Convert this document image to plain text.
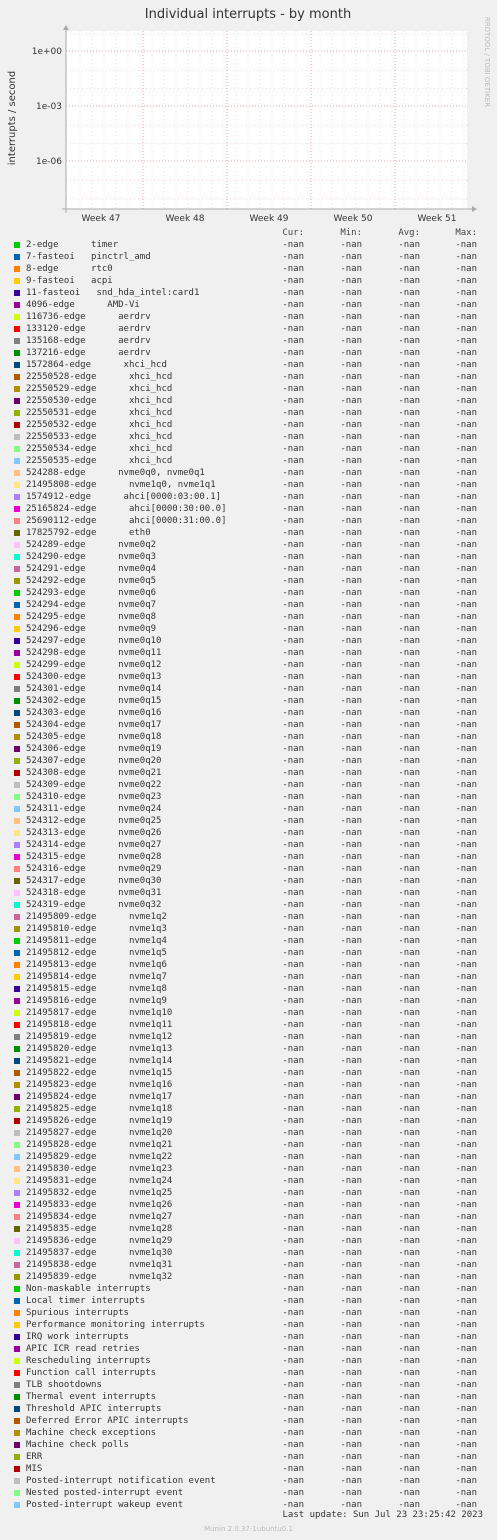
Individual interrupts - by month
interrupts / second
RRDTOOL / TOBI OETIKER
1e+00
1e-03
1e-06
Week 47	Week 48	Week 49	Week 50	Week 51
Cur:	Min:	Avg:	Max:
2-edge      timer	-nan	-nan	-nan	-nan
7-fasteoi   pinctrl_amd	-nan	-nan	-nan	-nan
8-edge      rtc0	-nan	-nan	-nan	-nan
9-fasteoi   acpi	-nan	-nan	-nan	-nan
11-fasteoi   snd_hda_intel:card1	-nan	-nan	-nan	-nan
4096-edge      AMD-Vi	-nan	-nan	-nan	-nan
116736-edge      aerdrv	-nan	-nan	-nan	-nan
133120-edge      aerdrv	-nan	-nan	-nan	-nan
135168-edge      aerdrv	-nan	-nan	-nan	-nan
137216-edge      aerdrv	-nan	-nan	-nan	-nan
1572864-edge      xhci_hcd	-nan	-nan	-nan	-nan
22550528-edge      xhci_hcd	-nan	-nan	-nan	-nan
22550529-edge      xhci_hcd	-nan	-nan	-nan	-nan
22550530-edge      xhci_hcd	-nan	-nan	-nan	-nan
22550531-edge      xhci_hcd	-nan	-nan	-nan	-nan
22550532-edge      xhci_hcd	-nan	-nan	-nan	-nan
22550533-edge      xhci_hcd	-nan	-nan	-nan	-nan
22550534-edge      xhci_hcd	-nan	-nan	-nan	-nan
22550535-edge      xhci_hcd	-nan	-nan	-nan	-nan
524288-edge      nvme0q0, nvme0q1	-nan	-nan	-nan	-nan
21495808-edge      nvme1q0, nvme1q1	-nan	-nan	-nan	-nan
1574912-edge      ahci[0000:03:00.1]	-nan	-nan	-nan	-nan
25165824-edge      ahci[0000:30:00.0]	-nan	-nan	-nan	-nan
25690112-edge      ahci[0000:31:00.0]	-nan	-nan	-nan	-nan
17825792-edge      eth0	-nan	-nan	-nan	-nan
524289-edge      nvme0q2	-nan	-nan	-nan	-nan
524290-edge      nvme0q3	-nan	-nan	-nan	-nan
524291-edge      nvme0q4	-nan	-nan	-nan	-nan
524292-edge      nvme0q5	-nan	-nan	-nan	-nan
524293-edge      nvme0q6	-nan	-nan	-nan	-nan
524294-edge      nvme0q7	-nan	-nan	-nan	-nan
524295-edge      nvme0q8	-nan	-nan	-nan	-nan
524296-edge      nvme0q9	-nan	-nan	-nan	-nan
524297-edge      nvme0q10	-nan	-nan	-nan	-nan
524298-edge      nvme0q11	-nan	-nan	-nan	-nan
524299-edge      nvme0q12	-nan	-nan	-nan	-nan
524300-edge      nvme0q13	-nan	-nan	-nan	-nan
524301-edge      nvme0q14	-nan	-nan	-nan	-nan
524302-edge      nvme0q15	-nan	-nan	-nan	-nan
524303-edge      nvme0q16	-nan	-nan	-nan	-nan
524304-edge      nvme0q17	-nan	-nan	-nan	-nan
524305-edge      nvme0q18	-nan	-nan	-nan	-nan
524306-edge      nvme0q19	-nan	-nan	-nan	-nan
524307-edge      nvme0q20	-nan	-nan	-nan	-nan
524308-edge      nvme0q21	-nan	-nan	-nan	-nan
524309-edge      nvme0q22	-nan	-nan	-nan	-nan
524310-edge      nvme0q23	-nan	-nan	-nan	-nan
524311-edge      nvme0q24	-nan	-nan	-nan	-nan
524312-edge      nvme0q25	-nan	-nan	-nan	-nan
524313-edge      nvme0q26	-nan	-nan	-nan	-nan
524314-edge      nvme0q27	-nan	-nan	-nan	-nan
524315-edge      nvme0q28	-nan	-nan	-nan	-nan
524316-edge      nvme0q29	-nan	-nan	-nan	-nan
524317-edge      nvme0q30	-nan	-nan	-nan	-nan
524318-edge      nvme0q31	-nan	-nan	-nan	-nan
524319-edge      nvme0q32	-nan	-nan	-nan	-nan
21495809-edge      nvme1q2	-nan	-nan	-nan	-nan
21495810-edge      nvme1q3	-nan	-nan	-nan	-nan
21495811-edge      nvme1q4	-nan	-nan	-nan	-nan
21495812-edge      nvme1q5	-nan	-nan	-nan	-nan
21495813-edge      nvme1q6	-nan	-nan	-nan	-nan
21495814-edge      nvme1q7	-nan	-nan	-nan	-nan
21495815-edge      nvme1q8	-nan	-nan	-nan	-nan
21495816-edge      nvme1q9	-nan	-nan	-nan	-nan
21495817-edge      nvme1q10	-nan	-nan	-nan	-nan
21495818-edge      nvme1q11	-nan	-nan	-nan	-nan
21495819-edge      nvme1q12	-nan	-nan	-nan	-nan
21495820-edge      nvme1q13	-nan	-nan	-nan	-nan
21495821-edge      nvme1q14	-nan	-nan	-nan	-nan
21495822-edge      nvme1q15	-nan	-nan	-nan	-nan
21495823-edge      nvme1q16	-nan	-nan	-nan	-nan
21495824-edge      nvme1q17	-nan	-nan	-nan	-nan
21495825-edge      nvme1q18	-nan	-nan	-nan	-nan
21495826-edge      nvme1q19	-nan	-nan	-nan	-nan
21495827-edge      nvme1q20	-nan	-nan	-nan	-nan
21495828-edge      nvme1q21	-nan	-nan	-nan	-nan
21495829-edge      nvme1q22	-nan	-nan	-nan	-nan
21495830-edge      nvme1q23	-nan	-nan	-nan	-nan
21495831-edge      nvme1q24	-nan	-nan	-nan	-nan
21495832-edge      nvme1q25	-nan	-nan	-nan	-nan
21495833-edge      nvme1q26	-nan	-nan	-nan	-nan
21495834-edge      nvme1q27	-nan	-nan	-nan	-nan
21495835-edge      nvme1q28	-nan	-nan	-nan	-nan
21495836-edge      nvme1q29	-nan	-nan	-nan	-nan
21495837-edge      nvme1q30	-nan	-nan	-nan	-nan
21495838-edge      nvme1q31	-nan	-nan	-nan	-nan
21495839-edge      nvme1q32	-nan	-nan	-nan	-nan
Non-maskable interrupts	-nan	-nan	-nan	-nan
Local timer interrupts	-nan	-nan	-nan	-nan
Spurious interrupts	-nan	-nan	-nan	-nan
Performance monitoring interrupts	-nan	-nan	-nan	-nan
IRQ work interrupts	-nan	-nan	-nan	-nan
APIC ICR read retries	-nan	-nan	-nan	-nan
Rescheduling interrupts	-nan	-nan	-nan	-nan
Function call interrupts	-nan	-nan	-nan	-nan
TLB shootdowns	-nan	-nan	-nan	-nan
Thermal event interrupts	-nan	-nan	-nan	-nan
Threshold APIC interrupts	-nan	-nan	-nan	-nan
Deferred Error APIC interrupts	-nan	-nan	-nan	-nan
Machine check exceptions	-nan	-nan	-nan	-nan
Machine check polls	-nan	-nan	-nan	-nan
ERR	-nan	-nan	-nan	-nan
MIS	-nan	-nan	-nan	-nan
Posted-interrupt notification event	-nan	-nan	-nan	-nan
Nested posted-interrupt event	-nan	-nan	-nan	-nan
Posted-interrupt wakeup event	-nan	-nan	-nan	-nan
Last update: Sun Jul 23 23:25:42 2023
Munin 2.0.37-1ubuntu0.1
